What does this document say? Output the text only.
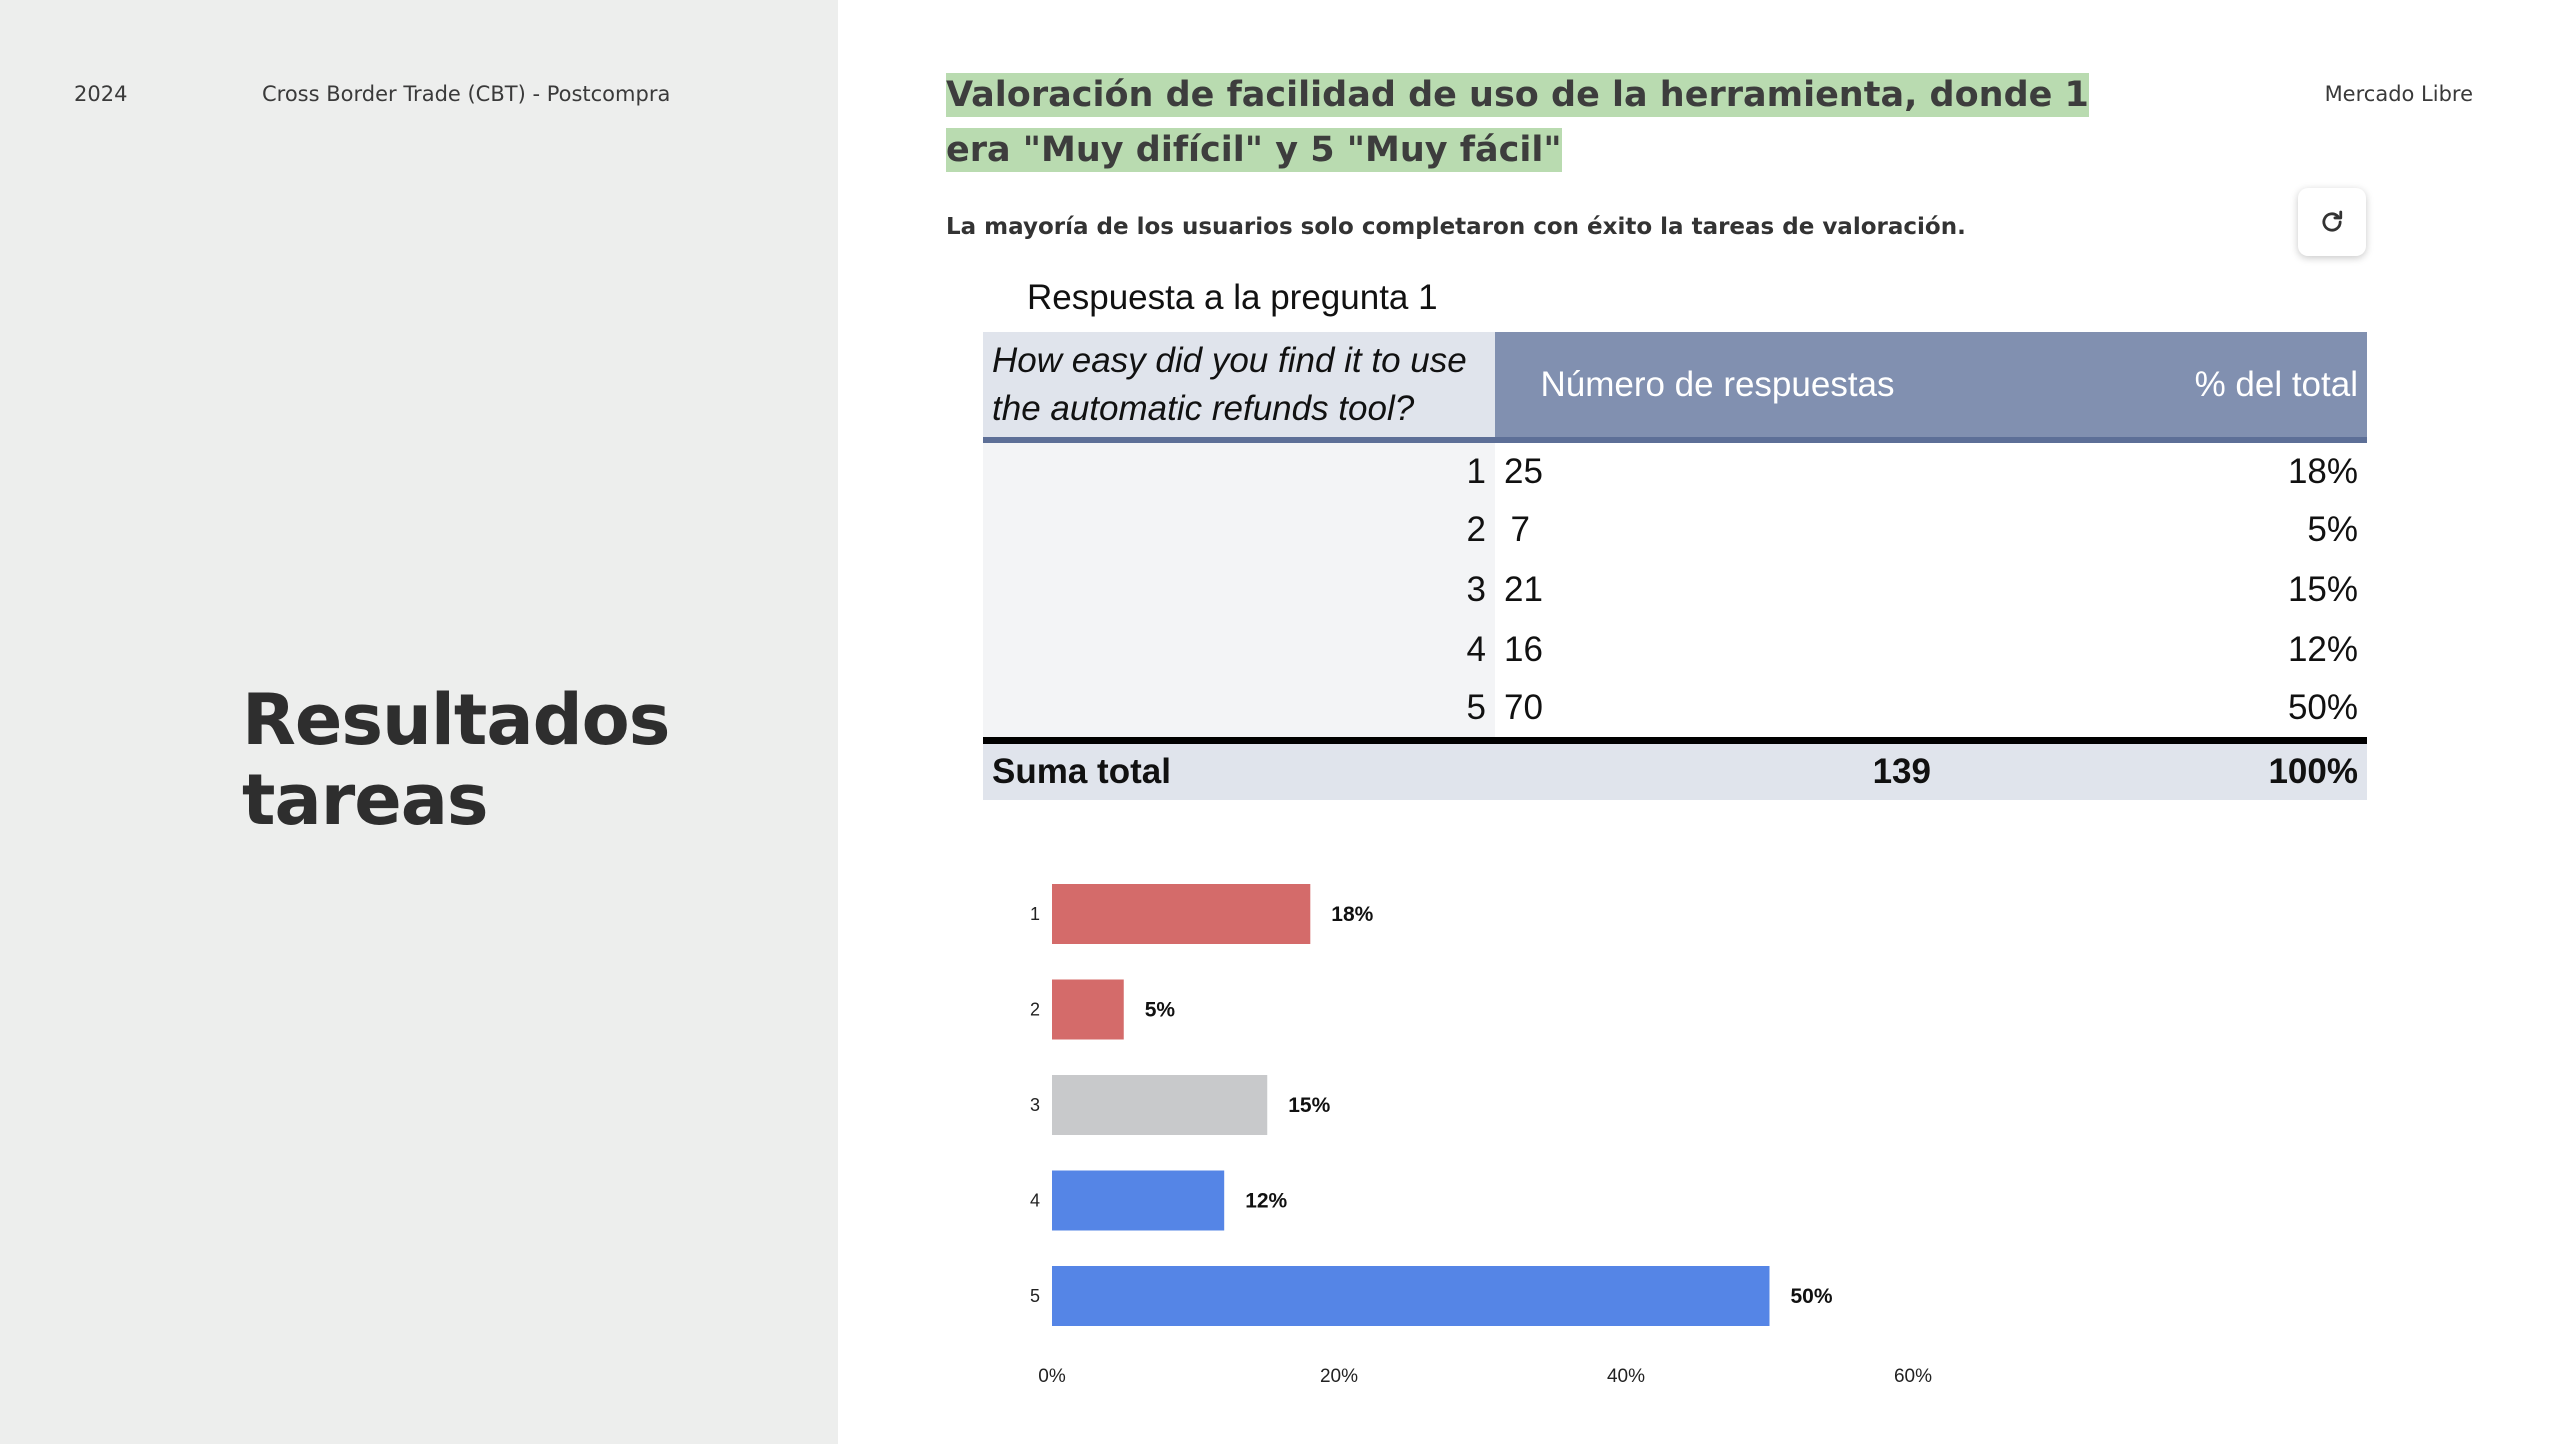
2024	Cross Border Trade (CBT) - Postcompra
Resultados tareas
Mercado Libre
Valoración de facilidad de uso de la herramienta, donde 1 era "Muy difícil" y 5 "Muy fácil"
La mayoría de los usuarios solo completaron con éxito la tareas de valoración.
Respuesta a la pregunta 1
How easy did you find it to use the automatic refunds tool?	Número de respuestas	% del total
1	25	18%
2	7	5%
3	21	15%
4	16	12%
5	70	50%
Suma total	139	100%
1	18%
2	5%
3	15%
4	12%
5	50%
0%	20%	40%	60%
